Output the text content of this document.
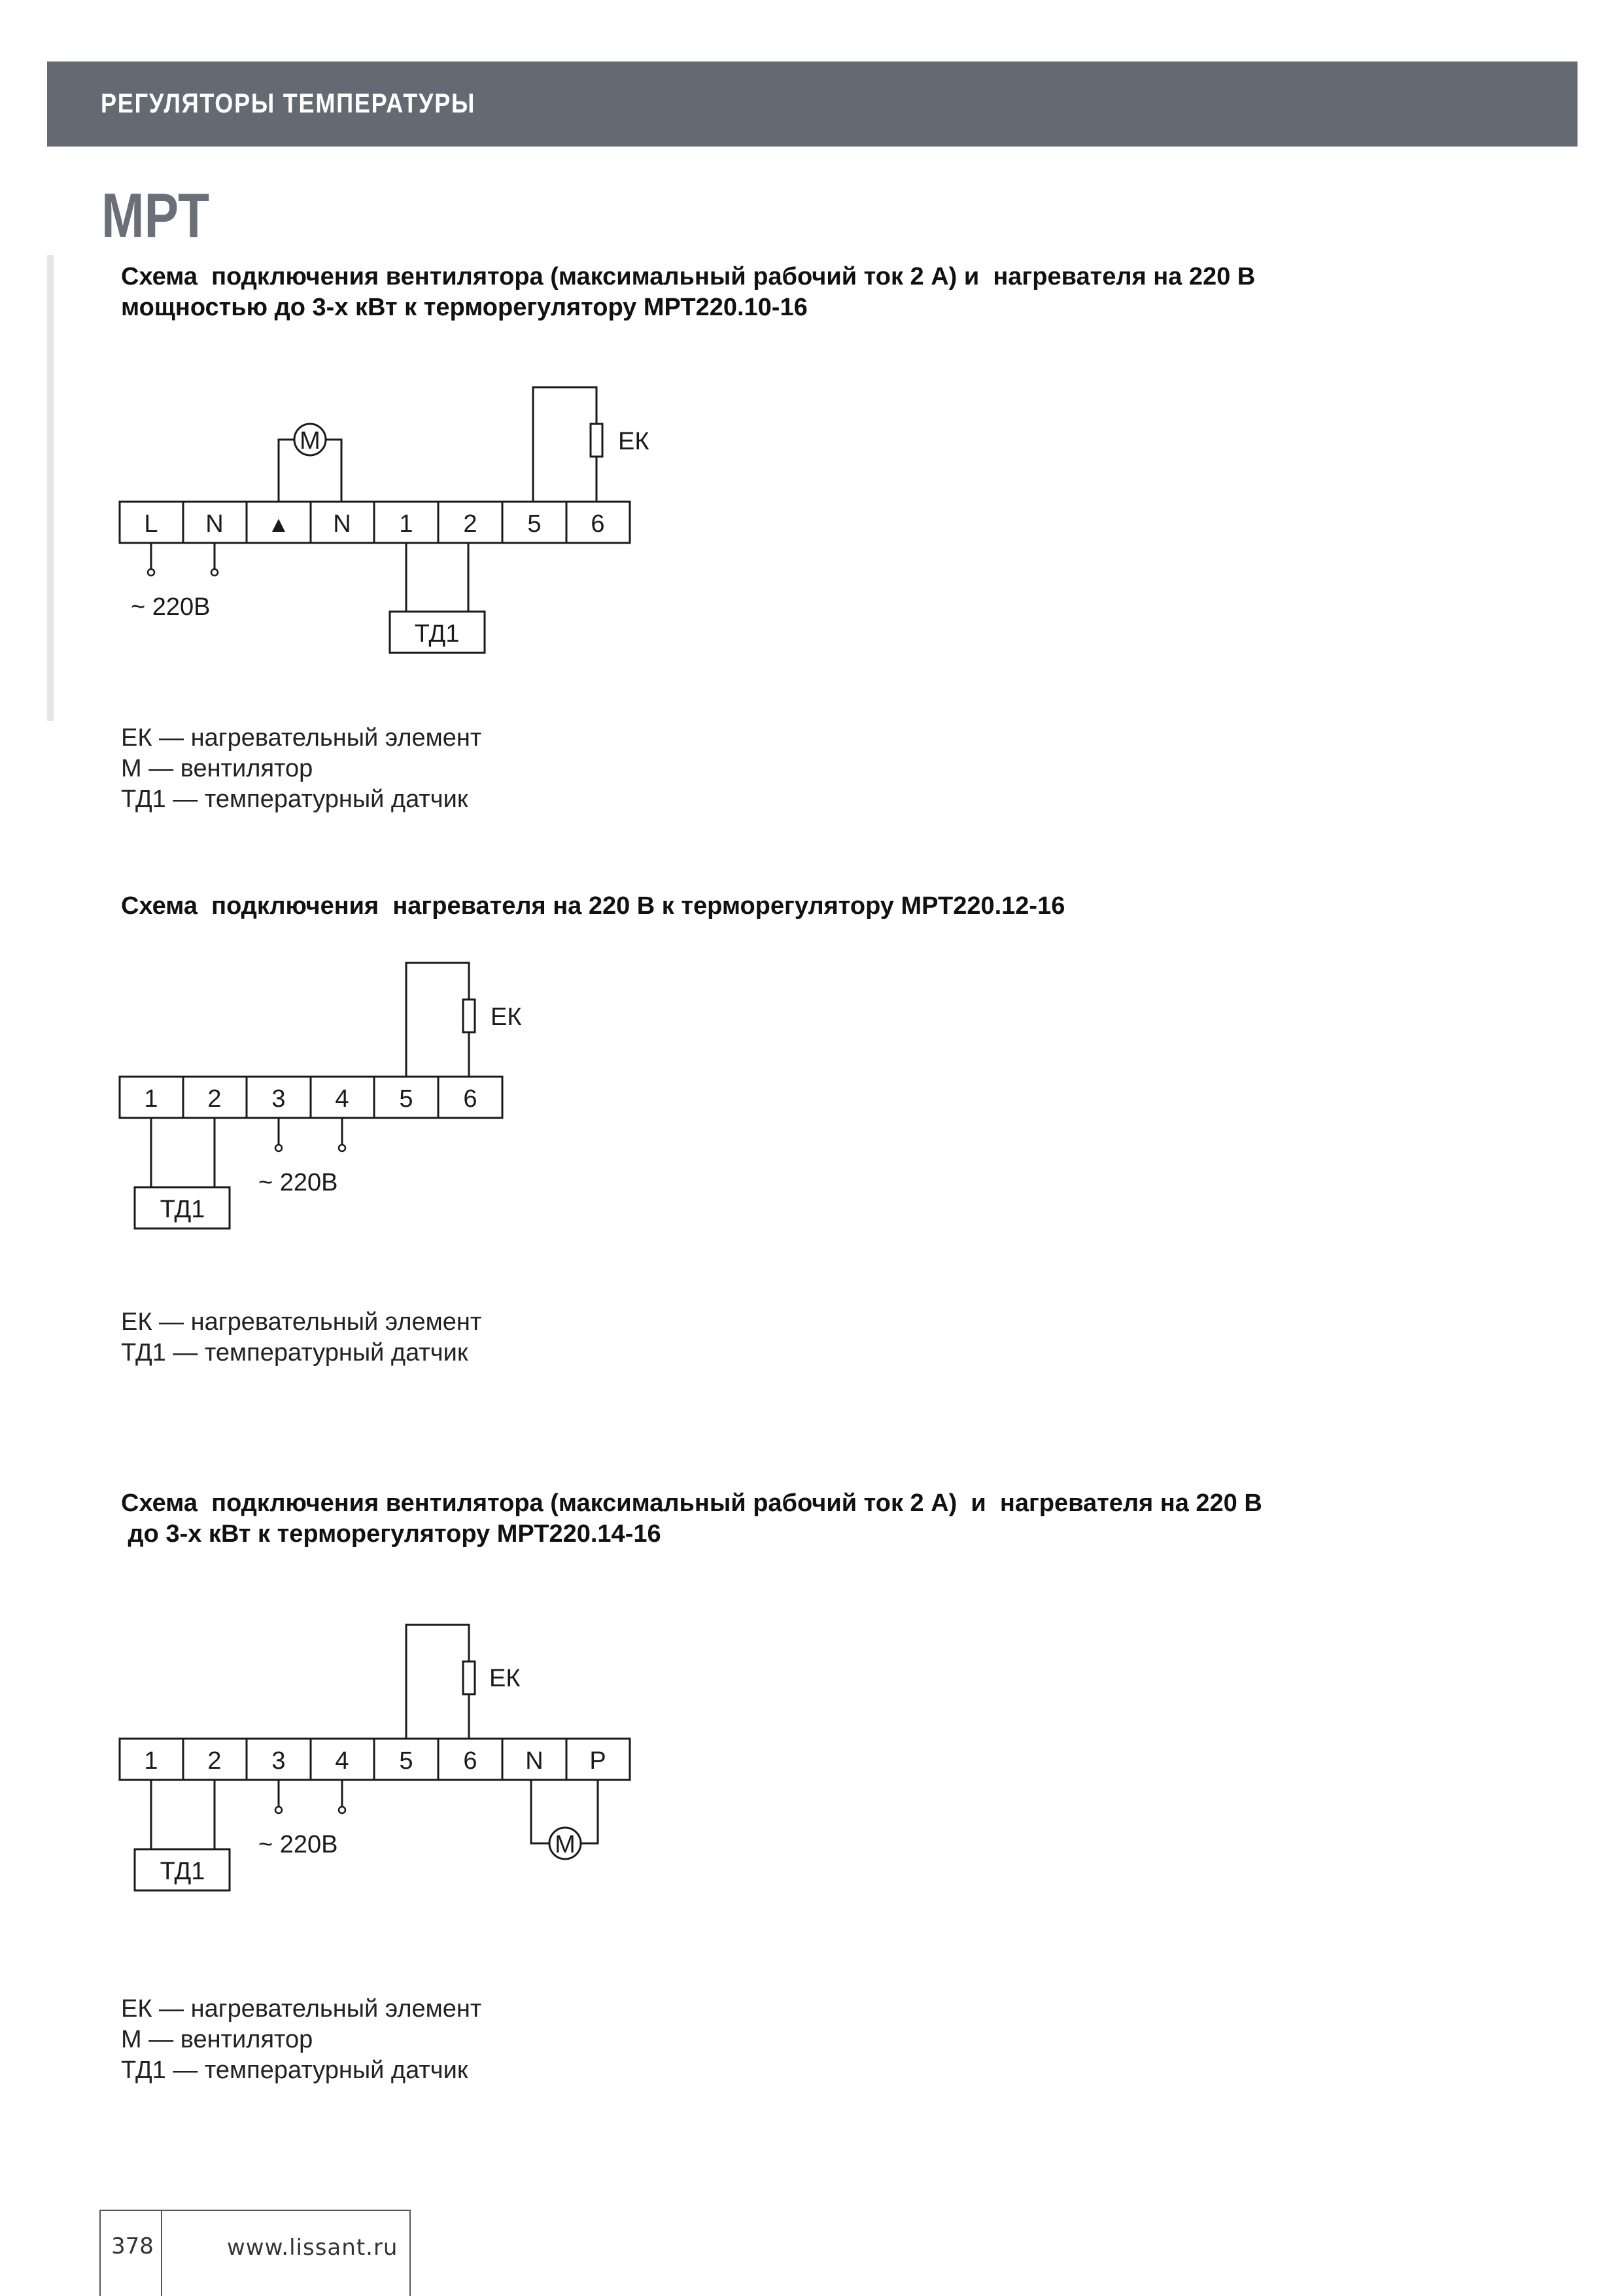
РЕГУЛЯТОРЫ ТЕМПЕРАТУРЫ
МРТ
Схема  подключения вентилятора (максимальный рабочий ток 2 А) и  нагревателя на 220 В
мощностью до 3-х кВт к терморегулятору МРТ220.10-16
М	ЕК
~ 220В
ТД1
L N ▲ N 1 2 5 6
ЕК — нагревательный элемент
М — вентилятор
ТД1 — температурный датчик
Схема  подключения  нагревателя на 220 В к терморегулятору МРТ220.12-16
ЕК
~ 220В
ТД1
1 2 3 4 5 6
ЕК — нагревательный элемент
ТД1 — температурный датчик
Схема  подключения вентилятора (максимальный рабочий ток 2 А)  и  нагревателя на 220 В
до 3-х кВт к терморегулятору МРТ220.14-16
ЕК
~ 220В	М
ТД1
1 2 3 4 5 6 N P
ЕК — нагревательный элемент
М — вентилятор
ТД1 — температурный датчик
378	www.lissant.ru
